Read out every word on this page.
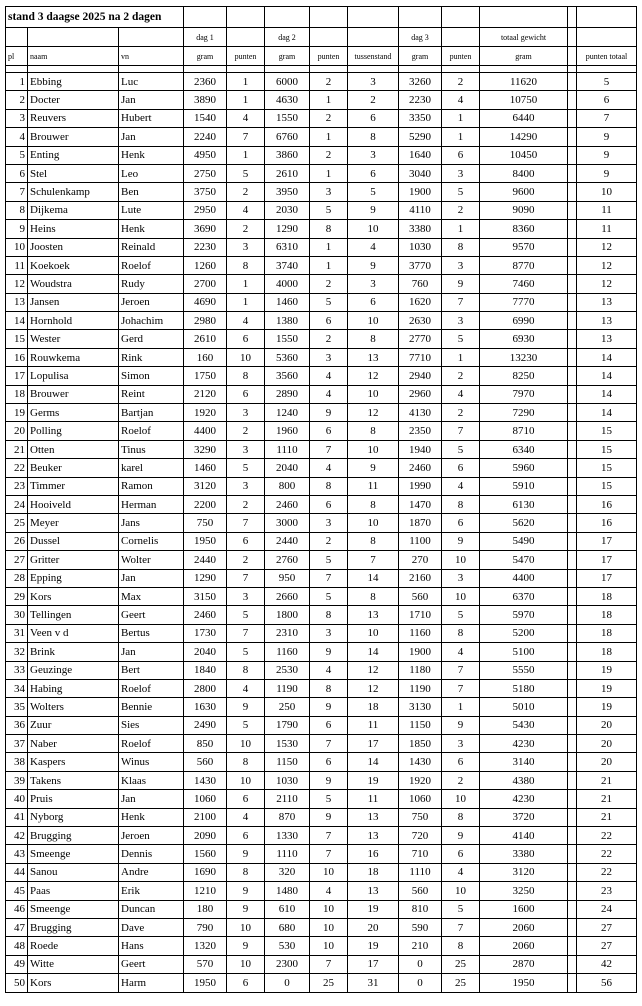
stand 3 daagse 2025 na 2 dagen												
			dag 1		dag 2			dag 3		totaal gewicht		
pl	naam	vn	gram	punten	gram	punten	tussenstand	gram	punten	gram		punten totaal

1	Ebbing	Luc	2360	1	6000	2	3	3260	2	11620		5
2	Docter	Jan	3890	1	4630	1	2	2230	4	10750		6
3	Reuvers	Hubert	1540	4	1550	2	6	3350	1	6440		7
4	Brouwer	Jan	2240	7	6760	1	8	5290	1	14290		9
5	Enting	Henk	4950	1	3860	2	3	1640	6	10450		9
6	Stel	Leo	2750	5	2610	1	6	3040	3	8400		9
7	Schulenkamp	Ben	3750	2	3950	3	5	1900	5	9600		10
8	Dijkema	Lute	2950	4	2030	5	9	4110	2	9090		11
9	Heins	Henk	3690	2	1290	8	10	3380	1	8360		11
10	Joosten	Reinald	2230	3	6310	1	4	1030	8	9570		12
11	Koekoek	Roelof	1260	8	3740	1	9	3770	3	8770		12
12	Woudstra	Rudy	2700	1	4000	2	3	760	9	7460		12
13	Jansen	Jeroen	4690	1	1460	5	6	1620	7	7770		13
14	Hornhold	Johachim	2980	4	1380	6	10	2630	3	6990		13
15	Wester	Gerd	2610	6	1550	2	8	2770	5	6930		13
16	Rouwkema	Rink	160	10	5360	3	13	7710	1	13230		14
17	Lopulisa	Simon	1750	8	3560	4	12	2940	2	8250		14
18	Brouwer	Reint	2120	6	2890	4	10	2960	4	7970		14
19	Germs	Bartjan	1920	3	1240	9	12	4130	2	7290		14
20	Polling	Roelof	4400	2	1960	6	8	2350	7	8710		15
21	Otten	Tinus	3290	3	1110	7	10	1940	5	6340		15
22	Beuker	karel	1460	5	2040	4	9	2460	6	5960		15
23	Timmer	Ramon	3120	3	800	8	11	1990	4	5910		15
24	Hooiveld	Herman	2200	2	2460	6	8	1470	8	6130		16
25	Meyer	Jans	750	7	3000	3	10	1870	6	5620		16
26	Dussel	Cornelis	1950	6	2440	2	8	1100	9	5490		17
27	Gritter	Wolter	2440	2	2760	5	7	270	10	5470		17
28	Epping	Jan	1290	7	950	7	14	2160	3	4400		17
29	Kors	Max	3150	3	2660	5	8	560	10	6370		18
30	Tellingen	Geert	2460	5	1800	8	13	1710	5	5970		18
31	Veen v d	Bertus	1730	7	2310	3	10	1160	8	5200		18
32	Brink	Jan	2040	5	1160	9	14	1900	4	5100		18
33	Geuzinge	Bert	1840	8	2530	4	12	1180	7	5550		19
34	Habing	Roelof	2800	4	1190	8	12	1190	7	5180		19
35	Wolters	Bennie	1630	9	250	9	18	3130	1	5010		19
36	Zuur	Sies	2490	5	1790	6	11	1150	9	5430		20
37	Naber	Roelof	850	10	1530	7	17	1850	3	4230		20
38	Kaspers	Winus	560	8	1150	6	14	1430	6	3140		20
39	Takens	Klaas	1430	10	1030	9	19	1920	2	4380		21
40	Pruis	Jan	1060	6	2110	5	11	1060	10	4230		21
41	Nyborg	Henk	2100	4	870	9	13	750	8	3720		21
42	Brugging	Jeroen	2090	6	1330	7	13	720	9	4140		22
43	Smeenge	Dennis	1560	9	1110	7	16	710	6	3380		22
44	Sanou	Andre	1690	8	320	10	18	1110	4	3120		22
45	Paas	Erik	1210	9	1480	4	13	560	10	3250		23
46	Smeenge	Duncan	180	9	610	10	19	810	5	1600		24
47	Brugging	Dave	790	10	680	10	20	590	7	2060		27
48	Roede	Hans	1320	9	530	10	19	210	8	2060		27
49	Witte	Geert	570	10	2300	7	17	0	25	2870		42
50	Kors	Harm	1950	6	0	25	31	0	25	1950		56
